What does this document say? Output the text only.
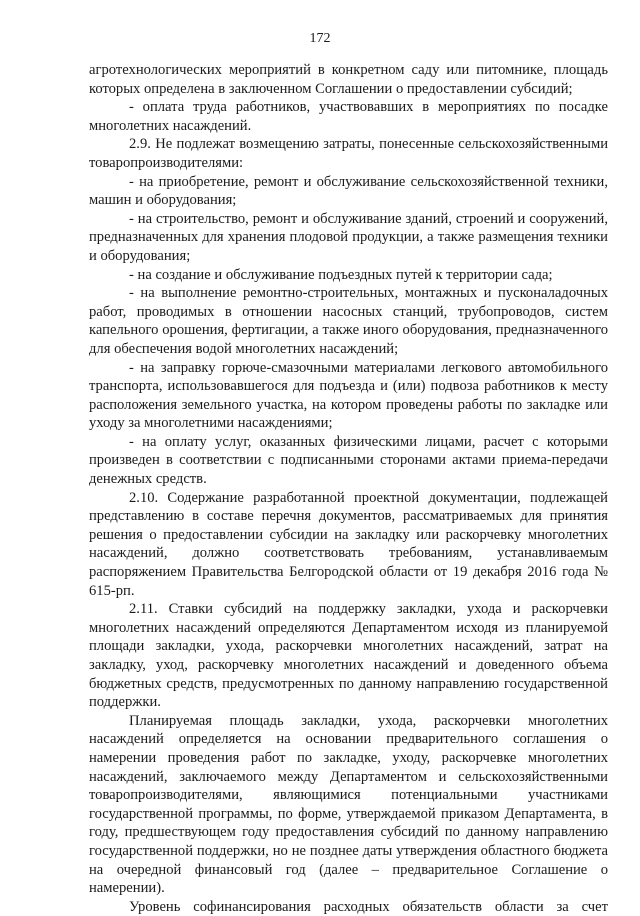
172

агротехнологических мероприятий в конкретном саду или питомнике, площадь которых определена в заключенном Соглашении о предоставлении субсидий;

- оплата труда работников, участвовавших в мероприятиях по посадке многолетних насаждений.

2.9. Не подлежат возмещению затраты, понесенные сельскохозяйственными товаропроизводителями:

- на приобретение, ремонт и обслуживание сельскохозяйственной техники, машин и оборудования;

- на строительство, ремонт и обслуживание зданий, строений и сооружений, предназначенных для хранения плодовой продукции, а также размещения техники и оборудования;

- на создание и обслуживание подъездных путей к территории сада;

- на выполнение ремонтно-строительных, монтажных и пусконаладочных работ, проводимых в отношении насосных станций, трубопроводов, систем капельного орошения, фертигации, а также иного оборудования, предназначенного для обеспечения водой многолетних насаждений;

- на заправку горюче-смазочными материалами легкового автомобильного транспорта, использовавшегося для подъезда и (или) подвоза работников к месту расположения земельного участка, на котором проведены работы по закладке или уходу за многолетними насаждениями;

- на оплату услуг, оказанных физическими лицами, расчет с которыми произведен в соответствии с подписанными сторонами актами приема-передачи денежных средств.

2.10. Содержание разработанной проектной документации, подлежащей представлению в составе перечня документов, рассматриваемых для принятия решения о предоставлении субсидии на закладку или раскорчевку многолетних насаждений, должно соответствовать требованиям, устанавливаемым распоряжением Правительства Белгородской области от 19 декабря 2016 года № 615-рп.

2.11. Ставки субсидий на поддержку закладки, ухода и раскорчевки многолетних насаждений определяются Департаментом исходя из планируемой площади закладки, ухода, раскорчевки многолетних насаждений, затрат на закладку, уход, раскорчевку многолетних насаждений и доведенного объема бюджетных средств, предусмотренных по данному направлению государственной поддержки.

Планируемая площадь закладки, ухода, раскорчевки многолетних насаждений определяется на основании предварительного соглашения о намерении проведения работ по закладке, уходу, раскорчевке многолетних насаждений, заключаемого между Департаментом и сельскохозяйственными товаропроизводителями, являющимися потенциальными участниками государственной программы, по форме, утверждаемой приказом Департамента, в году, предшествующем году предоставления субсидий по данному направлению государственной поддержки, но не позднее даты утверждения областного бюджета на очередной финансовый год (далее – предварительное Соглашение о намерении).

Уровень софинансирования расходных обязательств области за счет
